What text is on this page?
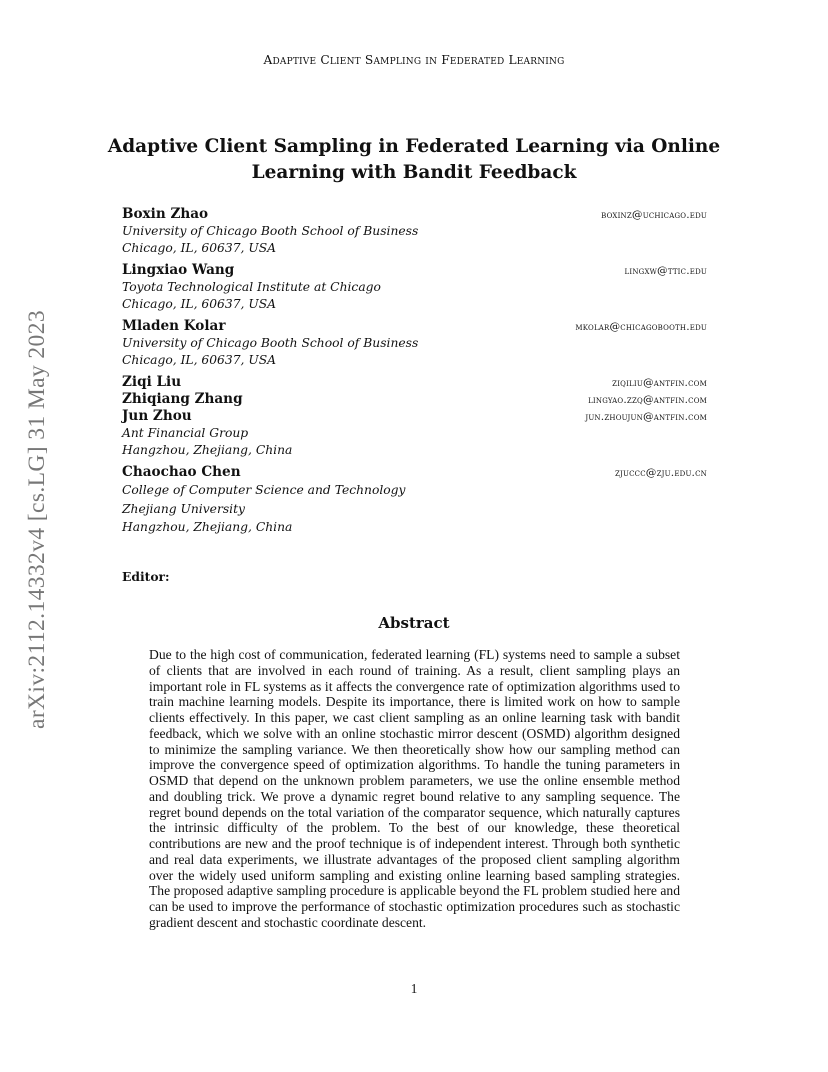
Adaptive Client Sampling in Federated Learning
arXiv:2112.14332v4 [cs.LG] 31 May 2023
Adaptive Client Sampling in Federated Learning via Online
Learning with Bandit Feedback
Boxin Zhao	boxinz@uchicago.edu
University of Chicago Booth School of Business
Chicago, IL, 60637, USA
Lingxiao Wang	lingxw@ttic.edu
Toyota Technological Institute at Chicago
Chicago, IL, 60637, USA
Mladen Kolar	mkolar@chicagobooth.edu
University of Chicago Booth School of Business
Chicago, IL, 60637, USA
Ziqi Liu	ziqiliu@antfin.com
Zhiqiang Zhang	lingyao.zzq@antfin.com
Jun Zhou	jun.zhoujun@antfin.com
Ant Financial Group
Hangzhou, Zhejiang, China
Chaochao Chen	zjuccc@zju.edu.cn
College of Computer Science and Technology
Zhejiang University
Hangzhou, Zhejiang, China
Editor:
Abstract
Due to the high cost of communication, federated learning (FL) systems need to sample a subset of clients that are involved in each round of training. As a result, client sampling plays an important role in FL systems as it affects the convergence rate of optimization algorithms used to train machine learning models. Despite its importance, there is limited work on how to sample clients effectively. In this paper, we cast client sampling as an online learning task with bandit feedback, which we solve with an online stochastic mirror descent (OSMD) algorithm designed to minimize the sampling variance. We then theoretically show how our sampling method can improve the convergence speed of optimization algorithms. To handle the tuning parameters in OSMD that depend on the unknown problem parameters, we use the online ensemble method and doubling trick. We prove a dynamic regret bound relative to any sampling sequence. The regret bound depends on the total variation of the comparator sequence, which naturally captures the intrinsic difficulty of the problem. To the best of our knowledge, these theoretical contributions are new and the proof technique is of independent interest. Through both synthetic and real data experiments, we illustrate advantages of the proposed client sampling algorithm over the widely used uniform sampling and existing online learning based sampling strategies. The proposed adaptive sampling procedure is applicable beyond the FL problem studied here and can be used to improve the performance of stochastic optimization procedures such as stochastic gradient descent and stochastic coordinate descent.
1
